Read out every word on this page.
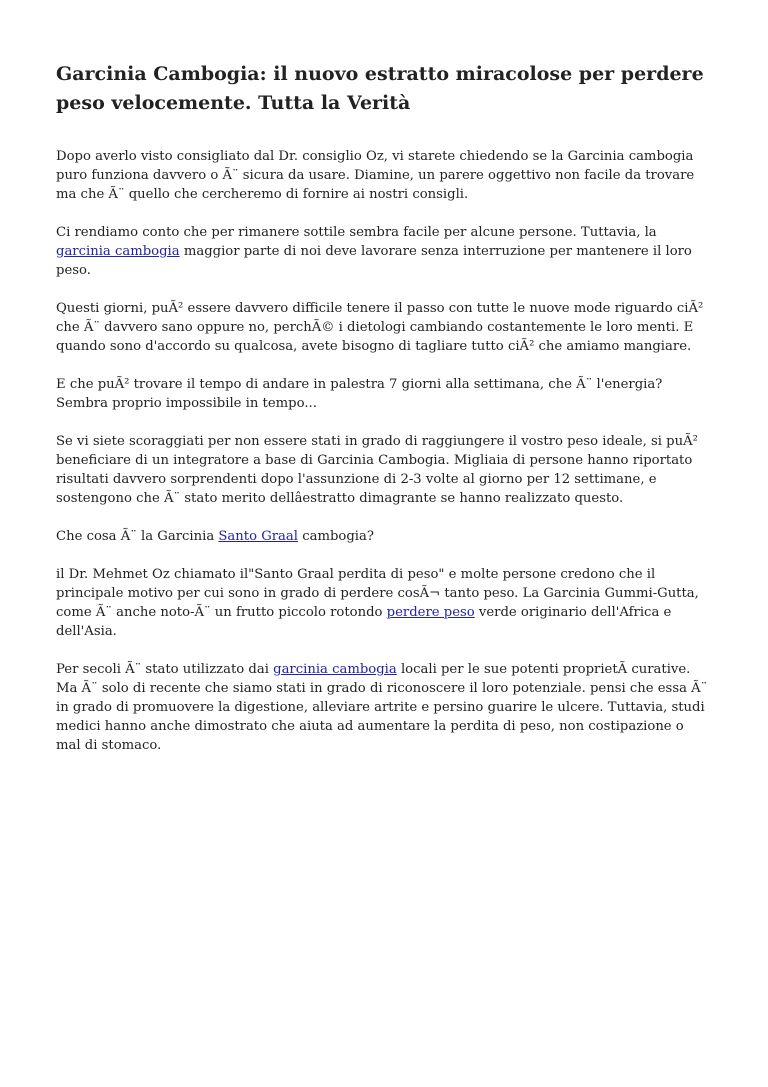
Garcinia Cambogia: il nuovo estratto miracolose per perdere peso velocemente. Tutta la Verità

Dopo averlo visto consigliato dal Dr. consiglio Oz, vi starete chiedendo se la Garcinia cambogia puro funziona davvero o Ã¨ sicura da usare. Diamine, un parere oggettivo non facile da trovare ma che Ã¨ quello che cercheremo di fornire ai nostri consigli.

Ci rendiamo conto che per rimanere sottile sembra facile per alcune persone. Tuttavia, la garcinia cambogia maggior parte di noi deve lavorare senza interruzione per mantenere il loro peso.

Questi giorni, puÃ² essere davvero difficile tenere il passo con tutte le nuove mode riguardo ciÃ² che Ã¨ davvero sano oppure no, perchÃ© i dietologi cambiando costantemente le loro menti. E quando sono d'accordo su qualcosa, avete bisogno di tagliare tutto ciÃ² che amiamo mangiare.

E che puÃ² trovare il tempo di andare in palestra 7 giorni alla settimana, che Ã¨ l'energia? Sembra proprio impossibile in tempo...

Se vi siete scoraggiati per non essere stati in grado di raggiungere il vostro peso ideale, si puÃ² beneficiare di un integratore a base di Garcinia Cambogia. Migliaia di persone hanno riportato risultati davvero sorprendenti dopo l'assunzione di 2-3 volte al giorno per 12 settimane, e sostengono che Ã¨ stato merito dellâestratto dimagrante se hanno realizzato questo.

Che cosa Ã¨ la Garcinia Santo Graal cambogia?

il Dr. Mehmet Oz chiamato il"Santo Graal perdita di peso" e molte persone credono che il principale motivo per cui sono in grado di perdere cosÃ¬ tanto peso. La Garcinia Gummi-Gutta, come Ã¨ anche noto-Ã¨ un frutto piccolo rotondo perdere peso verde originario dell'Africa e dell'Asia.

Per secoli Ã¨ stato utilizzato dai garcinia cambogia locali per le sue potenti proprietÃ curative. Ma Ã¨ solo di recente che siamo stati in grado di riconoscere il loro potenziale. pensi che essa Ã¨ in grado di promuovere la digestione, alleviare artrite e persino guarire le ulcere. Tuttavia, studi medici hanno anche dimostrato che aiuta ad aumentare la perdita di peso, non costipazione o mal di stomaco.
